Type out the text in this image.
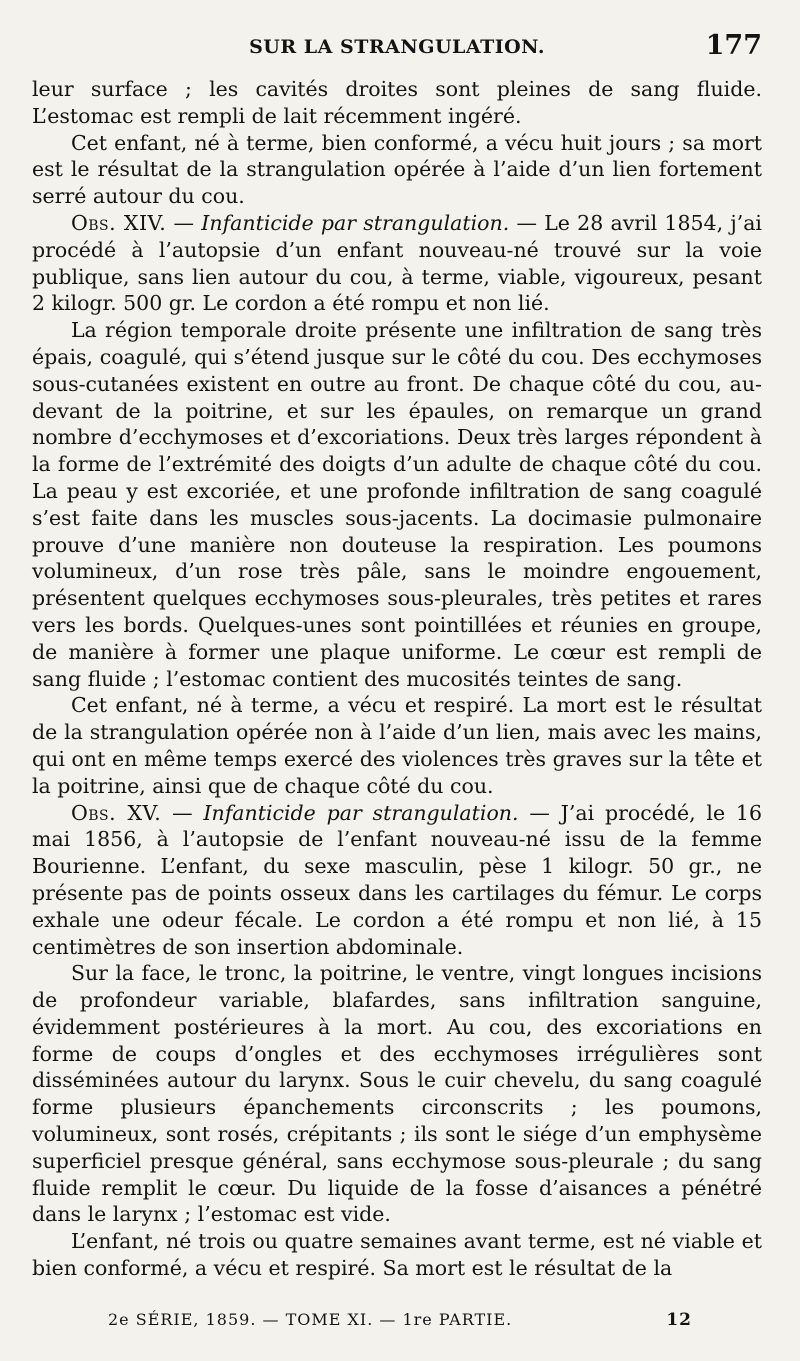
SUR LA STRANGULATION.	177

leur surface ; les cavités droites sont pleines de sang fluide. L’estomac est rempli de lait récemment ingéré.

Cet enfant, né à terme, bien conformé, a vécu huit jours ; sa mort est le résultat de la strangulation opérée à l’aide d’un lien fortement serré autour du cou.

Obs. XIV. — Infanticide par strangulation. — Le 28 avril 1854, j’ai procédé à l’autopsie d’un enfant nouveau-né trouvé sur la voie publique, sans lien autour du cou, à terme, viable, vigoureux, pesant 2 kilogr. 500 gr. Le cordon a été rompu et non lié.

La région temporale droite présente une infiltration de sang très épais, coagulé, qui s’étend jusque sur le côté du cou. Des ecchymoses sous-cutanées existent en outre au front. De chaque côté du cou, au-devant de la poitrine, et sur les épaules, on remarque un grand nombre d’ecchymoses et d’excoriations. Deux très larges répondent à la forme de l’extrémité des doigts d’un adulte de chaque côté du cou. La peau y est excoriée, et une profonde infiltration de sang coagulé s’est faite dans les muscles sous-jacents. La docimasie pulmonaire prouve d’une manière non douteuse la respiration. Les poumons volumineux, d’un rose très pâle, sans le moindre engouement, présentent quelques ecchymoses sous-pleurales, très petites et rares vers les bords. Quelques-unes sont pointillées et réunies en groupe, de manière à former une plaque uniforme. Le cœur est rempli de sang fluide ; l’estomac contient des mucosités teintes de sang.

Cet enfant, né à terme, a vécu et respiré. La mort est le résultat de la strangulation opérée non à l’aide d’un lien, mais avec les mains, qui ont en même temps exercé des violences très graves sur la tête et la poitrine, ainsi que de chaque côté du cou.

Obs. XV. — Infanticide par strangulation. — J’ai procédé, le 16 mai 1856, à l’autopsie de l’enfant nouveau-né issu de la femme Bourienne. L’enfant, du sexe masculin, pèse 1 kilogr. 50 gr., ne présente pas de points osseux dans les cartilages du fémur. Le corps exhale une odeur fécale. Le cordon a été rompu et non lié, à 15 centimètres de son insertion abdominale.

Sur la face, le tronc, la poitrine, le ventre, vingt longues incisions de profondeur variable, blafardes, sans infiltration sanguine, évidemment postérieures à la mort. Au cou, des excoriations en forme de coups d’ongles et des ecchymoses irrégulières sont disséminées autour du larynx. Sous le cuir chevelu, du sang coagulé forme plusieurs épanchements circonscrits ; les poumons, volumineux, sont rosés, crépitants ; ils sont le siége d’un emphysème superficiel presque général, sans ecchymose sous-pleurale ; du sang fluide remplit le cœur. Du liquide de la fosse d’aisances a pénétré dans le larynx ; l’estomac est vide.

L’enfant, né trois ou quatre semaines avant terme, est né viable et bien conformé, a vécu et respiré. Sa mort est le résultat de la

2e SÉRIE, 1859. — TOME XI. — 1re PARTIE.	12
